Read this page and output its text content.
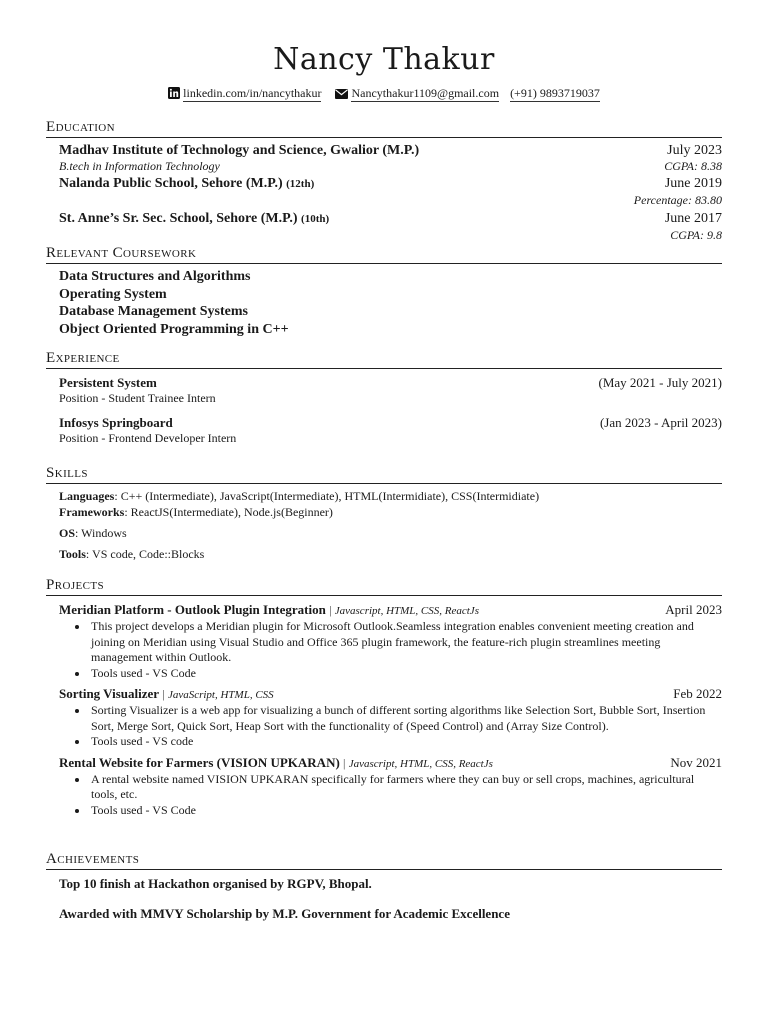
Nancy Thakur
linkedin.com/in/nancythakur	Nancythakur1109@gmail.com (+91) 9893719037
Education
Madhav Institute of Technology and Science, Gwalior (M.P.)	July 2023
B.tech in Information Technology	CGPA: 8.38
Nalanda Public School, Sehore (M.P.) (12th)	June 2019
Percentage: 83.80
St. Anne’s Sr. Sec. School, Sehore (M.P.) (10th)	June 2017
CGPA: 9.8
Relevant Coursework
Data Structures and Algorithms
Operating System
Database Management Systems
Object Oriented Programming in C++
Experience
Persistent System	(May 2021 - July 2021)
Position - Student Trainee Intern
Infosys Springboard	(Jan 2023 - April 2023)
Position - Frontend Developer Intern
Skills
Languages: C++ (Intermediate), JavaScript(Intermediate), HTML(Intermidiate), CSS(Intermidiate)
Frameworks: ReactJS(Intermediate), Node.js(Beginner)
OS: Windows
Tools: VS code, Code::Blocks
Projects
Meridian Platform - Outlook Plugin Integration | Javascript, HTML, CSS, ReactJs	April 2023
• This project develops a Meridian plugin for Microsoft Outlook.Seamless integration enables convenient meeting creation and joining on Meridian using Visual Studio and Office 365 plugin framework, the feature-rich plugin streamlines meeting management within Outlook.
• Tools used - VS Code
Sorting Visualizer | JavaScript, HTML, CSS	Feb 2022
• Sorting Visualizer is a web app for visualizing a bunch of different sorting algorithms like Selection Sort, Bubble Sort, Insertion Sort, Merge Sort, Quick Sort, Heap Sort with the functionality of (Speed Control) and (Array Size Control).
• Tools used - VS code
Rental Website for Farmers (VISION UPKARAN) | Javascript, HTML, CSS, ReactJs	Nov 2021
• A rental website named VISION UPKARAN specifically for farmers where they can buy or sell crops, machines, agricultural tools, etc.
• Tools used - VS Code
Achievements
Top 10 finish at Hackathon organised by RGPV, Bhopal.
Awarded with MMVY Scholarship by M.P. Government for Academic Excellence
